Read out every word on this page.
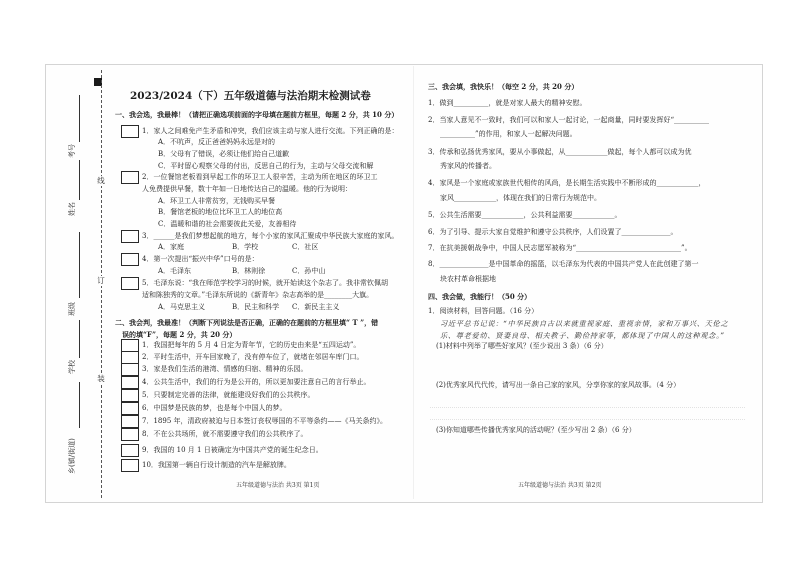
线
订
装
考号
姓名
班级
学校
乡(镇/街道)
2023/2024（下）五年级道德与法治期末检测试卷
一、我会选，我最棒！（请把正确选项前面的字母填在题前方框里，每题 2 分，共 10 分）
1．家人之间难免产生矛盾和冲突，我们应该主动与家人进行交流。下列正确的是：
A．不吭声，反正爸爸妈妈永远是对的
B．父母有了错误，必须让他们给自己道歉
C．平时留心观察父母的付出，反思自己的行为，主动与父母交流和解
2．一位餐馆老板看到早起工作的环卫工人很辛苦，主动为所在地区的环卫工
人免费提供早餐，数十年如一日地传达自己的温暖。他的行为说明：
A．环卫工人非常贫穷，无钱购买早餐
B．餐馆老板的地位比环卫工人的地位高
C．温暖和谐的社会需要彼此关爱，友善相待
3．______是我们梦想起航的地方，每个小家的家风汇聚成中华民族大家庭的家风。
A．家庭	B．学校	C．社区
4．第一次提出“振兴中华”口号的是：
A．毛泽东	B．林则徐	C．孙中山
5．毛泽东说：“我在师范学校学习的时候，就开始读这个杂志了。我非常钦佩胡
适和陈独秀的文章。”毛泽东所说的《新青年》杂志高举的是________大旗。
A．马克思主义	B．民主和科学 C．新民主主义
二、我会判，我最准！（判断下列说法是否正确，正确的在题前的方框里填“ T ”，错
误的填“F”，每题 2 分，共 20 分）
1．我国把每年的 5 月 4 日定为青年节，它的历史由来是“五四运动”。
2．平时生活中，开车回家晚了，没有停车位了，就堵在邻居车库门口。
3．家是我们生活的港湾、情感的归宿、精神的乐园。
4．公共生活中，我们的行为是公开的，所以更加要注意自己的言行举止。
5．只要制定完善的法律，就能建设好我们的公共秩序。
6．中国梦是民族的梦，也是每个中国人的梦。
7．1895 年，清政府被迫与日本签订丧权辱国的不平等条约——《马关条约》。
8．不在公共场所，就不需要遵守我们的公共秩序了。
9．我国的 10 月 1 日被确定为中国共产党的诞生纪念日。
10．我国第一辆自行设计制造的汽车是解放牌。
五年级道德与法治 共3页 第1页
三、我会填，我快乐！（每空 2 分，共 20 分）
1．做到__________，就是对家人最大的精神安慰。
2．当家人意见不一致时，我们可以和家人一起讨论，一起商量，同时要发挥好“__________
__________”的作用，和家人一起解决问题。
3．传承和弘扬优秀家风，要从小事做起，从____________做起，每个人都可以成为优
秀家风的传播者。
4．家风是一个家庭或家族世代相传的风尚，是长期生活实践中不断形成的____________，
家风____________，体现在我们的日常行为规范中。
5．公共生活需要____________，公共利益需要____________。
6．为了引导、提示大家自觉维护和遵守公共秩序，人们设置了______________。
7．在抗美援朝战争中，中国人民志愿军被称为“______________________________”。
8．______________是中国革命的摇篮，以毛泽东为代表的中国共产党人在此创建了第一
块农村革命根据地
四、我会做，我能行！（50 分）
1．阅读材料，回答问题。（16 分）
习近平总书记说：“中华民族自古以来就重视家庭、重视亲情，家和万事兴、天伦之
乐、尊老爱幼、贤妻良母、相夫教子、勤俭持家等，都体现了中国人的这种观念。”
(1)材料中列举了哪些好家风？(至少说出 3 条）（6 分）
(2)优秀家风代代传，请写出一条自己家的家风，分享你家的家风故事。（4 分）
(3)你知道哪些传播优秀家风的活动呢？(至少写出 2 条）（6 分）
五年级道德与法治 共3页 第2页
